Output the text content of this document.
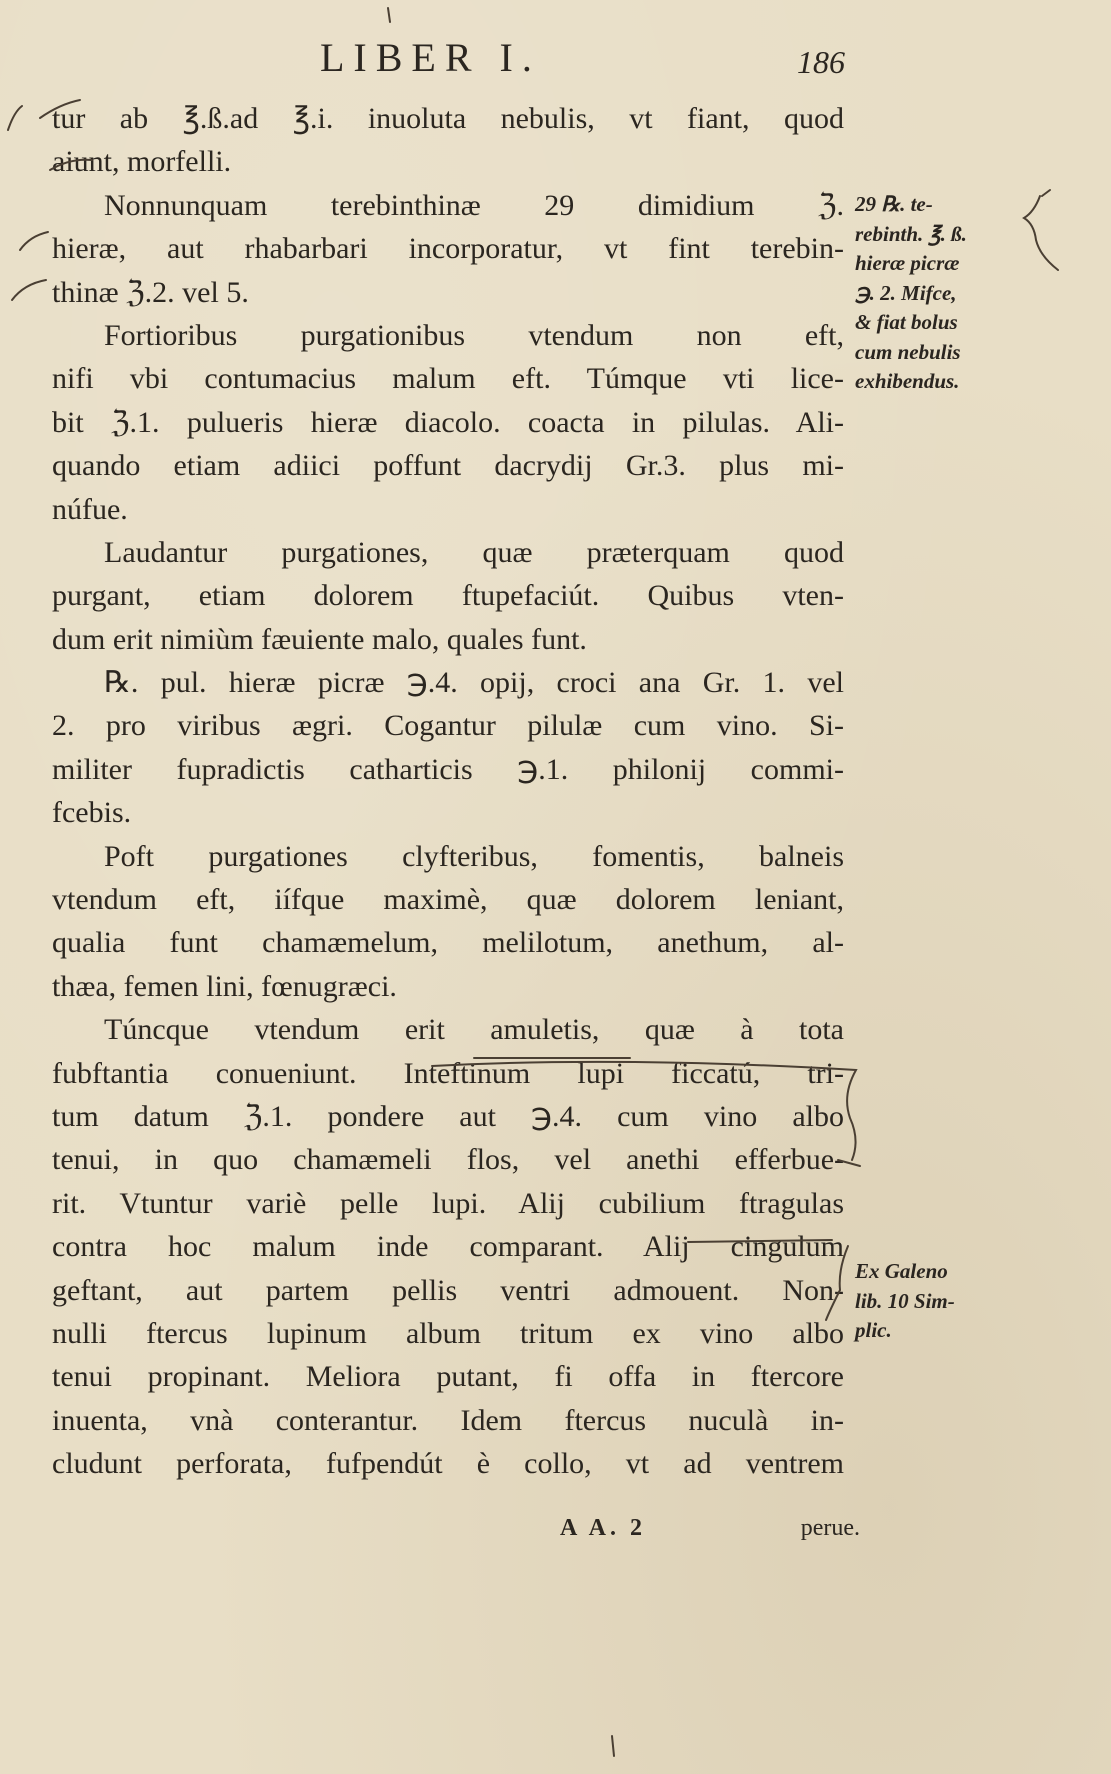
LIBER I.	186
tur ab ℥.ß.ad ℥.i. inuoluta nebulis, vt fiant, quod
aiunt, morfelli.
Nonnunquam terebinthinæ 29 dimidium ℨ.
hieræ, aut rhabarbari incorporatur, vt fint terebin-
thinæ ℨ.2. vel 5.
Fortioribus purgationibus vtendum non eft,
nifi vbi contumacius malum eft. Túmque vti lice-
bit ℨ.1. pulueris hieræ diacolo. coacta in pilulas. Ali-
quando etiam adiici poffunt dacrydij Gr.3. plus mi-
núfue.
Laudantur purgationes, quæ præterquam quod
purgant, etiam dolorem ftupefaciút. Quibus vten-
dum erit nimiùm fæuiente malo, quales funt.
℞. pul. hieræ picræ ℈.4. opij, croci ana Gr. 1. vel
2. pro viribus ægri. Cogantur pilulæ cum vino. Si-
militer fupradictis catharticis ℈.1. philonij commi-
fcebis.
Poft purgationes clyfteribus, fomentis, balneis
vtendum eft, iífque maximè, quæ dolorem leniant,
qualia funt chamæmelum, melilotum, anethum, al-
thæa, femen lini, fœnugræci.
Túncque vtendum erit amuletis, quæ à tota
fubftantia conueniunt. Inteftinum lupi ficcatú, tri-
tum datum ℨ.1. pondere aut ℈.4. cum vino albo
tenui, in quo chamæmeli flos, vel anethi efferbue-
rit. Vtuntur variè pelle lupi. Alij cubilium ftragulas
contra hoc malum inde comparant. Alij cingulum
geftant, aut partem pellis ventri admouent. Non-
nulli ftercus lupinum album tritum ex vino albo
tenui propinant. Meliora putant, fi offa in ftercore
inuenta, vnà conterantur. Idem ftercus nuculà in-
cludunt perforata, fufpendút è collo, vt ad ventrem
29 ℞. te-
rebinth. ℥. ß.
hieræ picræ
℈. 2. Mifce,
& fiat bolus
cum nebulis
exhibendus.
Ex Galeno
lib. 10 Sim-
plic.
A A. 2	perue.
